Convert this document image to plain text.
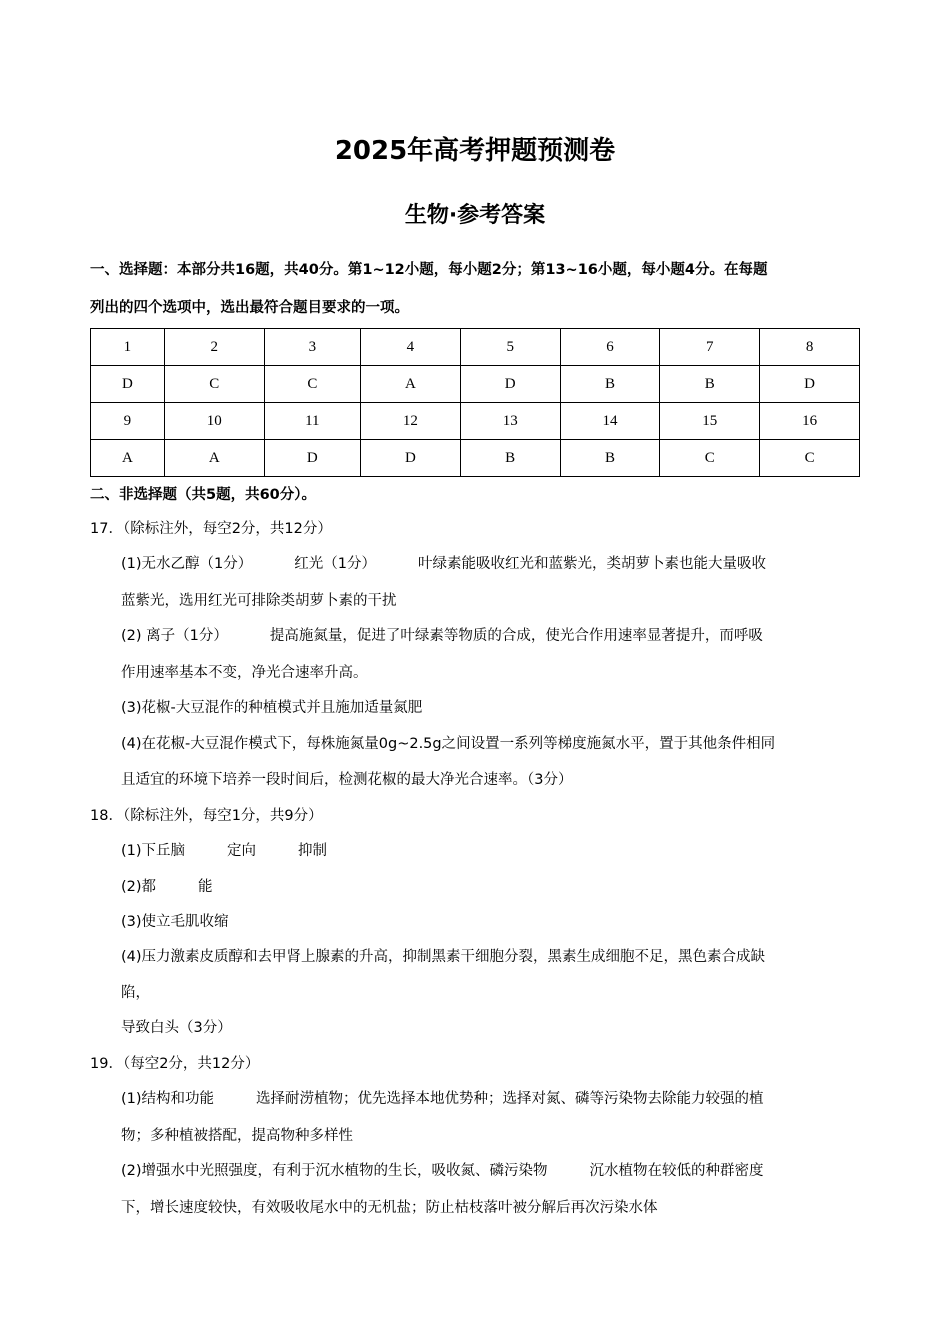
2025年高考押题预测卷
生物·参考答案
一、选择题：本部分共16题，共40分。第1~12小题，每小题2分；第13~16小题，每小题4分。在每题
列出的四个选项中，选出最符合题目要求的一项。
1	2	3	4	5	6	7	8
D	C	C	A	D	B	B	D
9	10	11	12	13	14	15	16
A	A	D	D	B	B	C	C
二、非选择题（共5题，共60分）。
17．（除标注外，每空2分，共12分）
(1)无水乙醇（1分）	红光（1分）	叶绿素能吸收红光和蓝紫光，类胡萝卜素也能大量吸收
蓝紫光，选用红光可排除类胡萝卜素的干扰
(2) 离子（1分）	提高施氮量，促进了叶绿素等物质的合成，使光合作用速率显著提升，而呼吸
作用速率基本不变，净光合速率升高。
(3)花椒-大豆混作的种植模式并且施加适量氮肥
(4)在花椒-大豆混作模式下，每株施氮量0g~2.5g之间设置一系列等梯度施氮水平，置于其他条件相同
且适宜的环境下培养一段时间后，检测花椒的最大净光合速率。（3分）
18．（除标注外，每空1分，共9分）
(1)下丘脑	定向	抑制
(2)都	能
(3)使立毛肌收缩
(4)压力激素皮质醇和去甲肾上腺素的升高，抑制黑素干细胞分裂，黑素生成细胞不足，黑色素合成缺
陷，
导致白头（3分）
19．（每空2分，共12分）
(1)结构和功能	选择耐涝植物；优先选择本地优势种；选择对氮、磷等污染物去除能力较强的植
物；多种植被搭配，提高物种多样性
(2)增强水中光照强度，有利于沉水植物的生长，吸收氮、磷污染物	沉水植物在较低的种群密度
下，增长速度较快，有效吸收尾水中的无机盐；防止枯枝落叶被分解后再次污染水体
